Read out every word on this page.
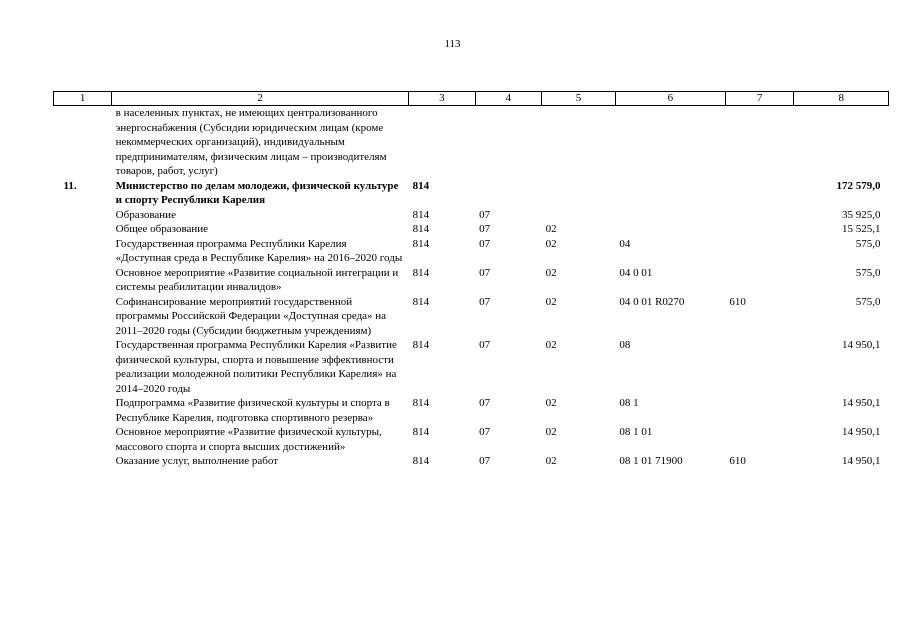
113
1	2	3	4	5	6	7	8
	в населенных пунктах, не имеющих централизованного энергоснабжения (Субсидии юридическим лицам (кроме некоммерческих организаций), индивидуальным предпринимателям, физическим лицам – производителям товаров, работ, услуг)						
11.	Министерство по делам молодежи, физической культуре и спорту Республики Карелия	814					172 579,0
	Образование	814	07				35 925,0
	Общее образование	814	07	02			15 525,1
	Государственная программа Республики Карелия «Доступная среда в Республике Карелия» на 2016–2020 годы	814	07	02	04		575,0
	Основное мероприятие «Развитие социальной интеграции и системы реабилитации инвалидов»	814	07	02	04 0 01		575,0
	Софинансирование мероприятий государственной программы Российской Федерации «Доступная среда» на 2011–2020 годы (Субсидии бюджетным учреждениям)	814	07	02	04 0 01 R0270	610	575,0
	Государственная программа Республики Карелия «Развитие физической культуры, спорта и повышение эффективности реализации молодежной политики Республики Карелия» на 2014–2020 годы	814	07	02	08		14 950,1
	Подпрограмма «Развитие физической культуры и спорта в Республике Карелия, подготовка спортивного резерва»	814	07	02	08 1		14 950,1
	Основное мероприятие «Развитие физической культуры, массового спорта и спорта высших достижений»	814	07	02	08 1 01		14 950,1
	Оказание услуг, выполнение работ	814	07	02	08 1 01 71900	610	14 950,1
